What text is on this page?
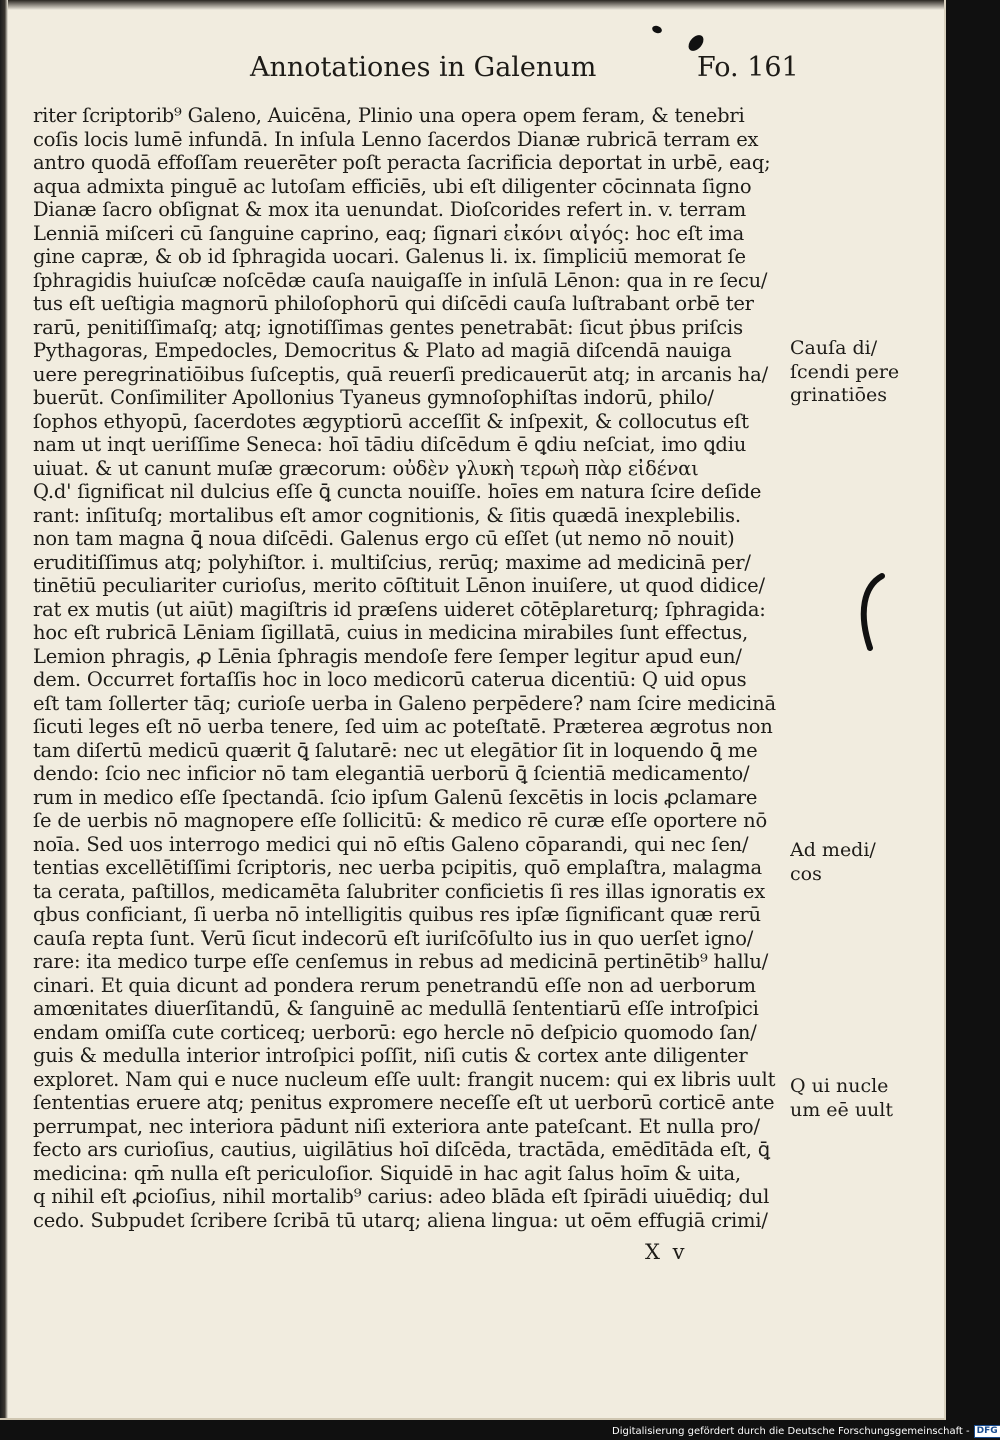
Annotationes in Galenum	Fo. 161
riter ſcriptorib⁹ Galeno, Auicēna, Plinio una opera opem feram, & tenebri
coſis locis lumē infundā. In inſula Lenno ſacerdos Dianæ rubricā terram ex
antro quodā effoſſam reuerēter poſt peracta ſacrificia deportat in urbē, eaq;
aqua admixta pinguē ac lutoſam efficiēs, ubi eſt diligenter cōcinnata ſigno
Dianæ ſacro obſignat & mox ita uenundat. Dioſcorides refert in. v. terram
Lenniā miſceri cū ſanguine caprino, eaq; ſignari εἰκόνι αἰγός: hoc eſt ima
gine capræ, & ob id ſphragida uocari. Galenus li. ix. ſimpliciū memorat ſe
ſphragidis huiuſcæ noſcēdæ cauſa nauigaſſe in inſulā Lēnon: qua in re ſecu/
tus eſt ueſtigia magnorū philoſophorū qui diſcēdi cauſa luſtrabant orbē ter
rarū, penitiſſimaſq; atq; ignotiſſimas gentes penetrabāt: ſicut ṗbus priſcis
Pythagoras, Empedocles, Democritus & Plato ad magiā diſcendā nauiga
uere peregrinatiōibus ſuſceptis, quā reuerſi predicauerūt atq; in arcanis ha/
buerūt. Conſimiliter Apollonius Tyaneus gymnoſophiſtas indorū, philo/
ſophos ethyopū, ſacerdotes ægyptiorū acceſſit & inſpexit, & collocutus eſt
nam ut inqt ueriſſime Seneca: hoī tādiu diſcēdum ē ꝗdiu neſciat, imo ꝗdiu
uiuat. & ut canunt muſæ græcorum: οὐδὲν γλυκὴ τερωὴ πὰρ εἰδέναι
Q.d' ſignificat nil dulcius eſſe ꝗ̄ cuncta nouiſſe. hoīes em natura ſcire deſide
rant: inſituſq; mortalibus eſt amor cognitionis, & ſitis quædā inexplebilis.
non tam magna ꝗ̄ noua diſcēdi. Galenus ergo cū eſſet (ut nemo nō nouit)
eruditiſſimus atq; polyhiſtor. i. multiſcius, rerūq; maxime ad medicinā per/
tinētiū peculiariter curioſus, merito cōſtituit Lēnon inuiſere, ut quod didice/
rat ex mutis (ut aiūt) magiſtris id præſens uideret cōtēplareturq; ſphragida:
hoc eſt rubricā Lēniam ſigillatā, cuius in medicina mirabiles ſunt effectus,
Lemion phragis, ꝓ Lēnia ſphragis mendoſe fere ſemper legitur apud eun/
dem. Occurret fortaſſis hoc in loco medicorū caterua dicentiū: Q uid opus
eſt tam ſollerter tāq; curioſe uerba in Galeno perpēdere? nam ſcire medicinā
ſicuti leges eſt nō uerba tenere, ſed uim ac poteſtatē. Præterea ægrotus non
tam diſertū medicū quærit ꝗ̄ ſalutarē: nec ut elegātior ſit in loquendo ꝗ̄ me
dendo: ſcio nec inficior nō tam elegantiā uerborū ꝗ̄ ſcientiā medicamento/
rum in medico eſſe ſpectandā. ſcio ipſum Galenū ſexcētis in locis ꝓclamare
ſe de uerbis nō magnopere eſſe ſollicitū: & medico rē curæ eſſe oportere nō
noīa. Sed uos interrogo medici qui nō eſtis Galeno cōparandi, qui nec ſen/
tentias excellētiſſimi ſcriptoris, nec uerba pcipitis, quō emplaſtra, malagma
ta cerata, paſtillos, medicamēta ſalubriter conficietis ſi res illas ignoratis ex
qbus conficiant, ſi uerba nō intelligitis quibus res ipſæ ſignificant quæ rerū
cauſa repta ſunt. Verū ſicut indecorū eſt iuriſcōſulto ius in quo uerſet igno/
rare: ita medico turpe eſſe cenſemus in rebus ad medicinā pertinētib⁹ hallu/
cinari. Et quia dicunt ad pondera rerum penetrandū eſſe non ad uerborum
amœnitates diuerſitandū, & ſanguinē ac medullā ſententiarū eſſe introſpici
endam omiſſa cute corticeq; uerborū: ego hercle nō deſpicio quomodo ſan/
guis & medulla interior introſpici poſſit, niſi cutis & cortex ante diligenter
exploret. Nam qui e nuce nucleum eſſe uult: frangit nucem: qui ex libris uult
ſententias eruere atq; penitus expromere neceſſe eſt ut uerborū corticē ante
perrumpat, nec interiora pādunt niſi exteriora ante pateſcant. Et nulla pro/
fecto ars curioſius, cautius, uigilātius hoī diſcēda, tractāda, emēdītāda eſt, ꝗ̄
medicina: qm̄ nulla eſt periculoſior. Siquidē in hac agit ſalus hoīm & uita,
q nihil eſt ꝓcioſius, nihil mortalib⁹ carius: adeo blāda eſt ſpirādi uiuēdiq; dul
cedo. Subpudet ſcribere ſcribā tū utarq; aliena lingua: ut oēm effugiā crimi/
Cauſa di/
ſcendi pere
grinatiōes
Ad medi/
cos
Q ui nucle
um eē uult
X v
Digitalisierung gefördert durch die Deutsche Forschungsgemeinschaft - DFG
